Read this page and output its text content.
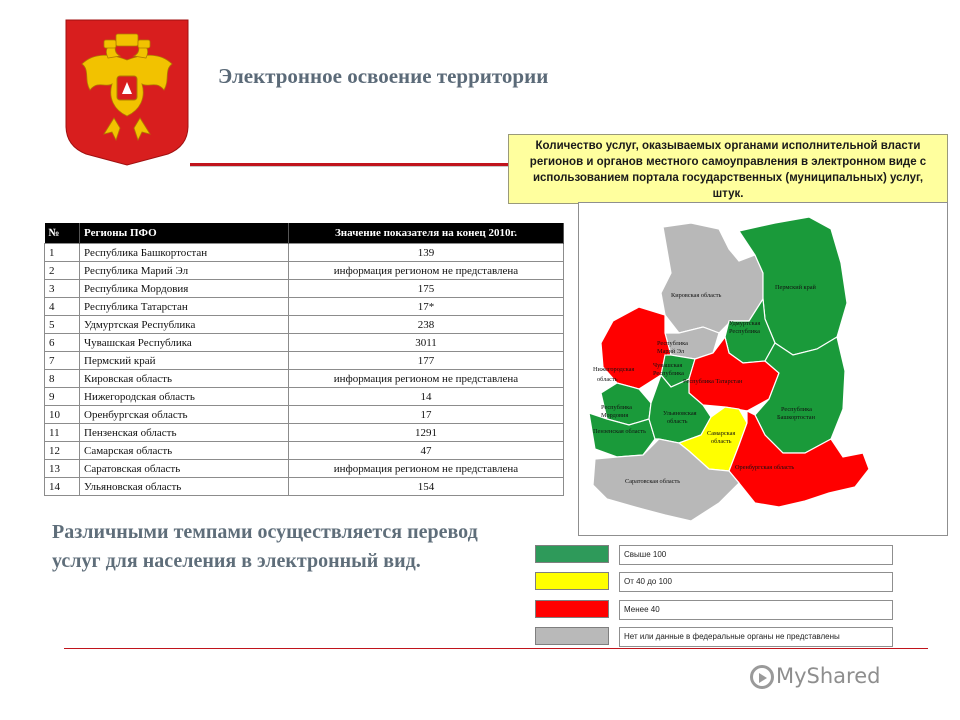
Электронное освоение территории
Количество услуг, оказываемых органами исполнительной власти регионов и органов местного самоуправления в электронном виде с использованием портала государственных (муниципальных) услуг, штук.
№	Регионы ПФО	Значение показателя на конец 2010г.
1	Республика Башкортостан	139
2	Республика Марий Эл	информация регионом не представлена
3	Республика Мордовия	175
4	Республика Татарстан	17*
5	Удмуртская Республика	238
6	Чувашская Республика	3011
7	Пермский край	177
8	Кировская область	информация регионом не представлена
9	Нижегородская область	14
10	Оренбургская область	17
11	Пензенская область	1291
12	Самарская область	47
13	Саратовская область	информация регионом не представлена
14	Ульяновская область	154

Различными темпами осуществляется перевод услуг для населения в электронный вид.

Кировская область
Пермский край
Удмуртская
Республика
Республика
Марий Эл
Нижегородская
область
Чувашская
Республика
Республика Татарстан
Республика
Башкортостан
Республика
Мордовия
Пензенская область
Ульяновская
область
Самарская
область
Оренбургская область
Саратовская область
Свыше 100
От 40 до 100
Менее 40
Нет или данные в федеральные органы не представлены
MyShared
